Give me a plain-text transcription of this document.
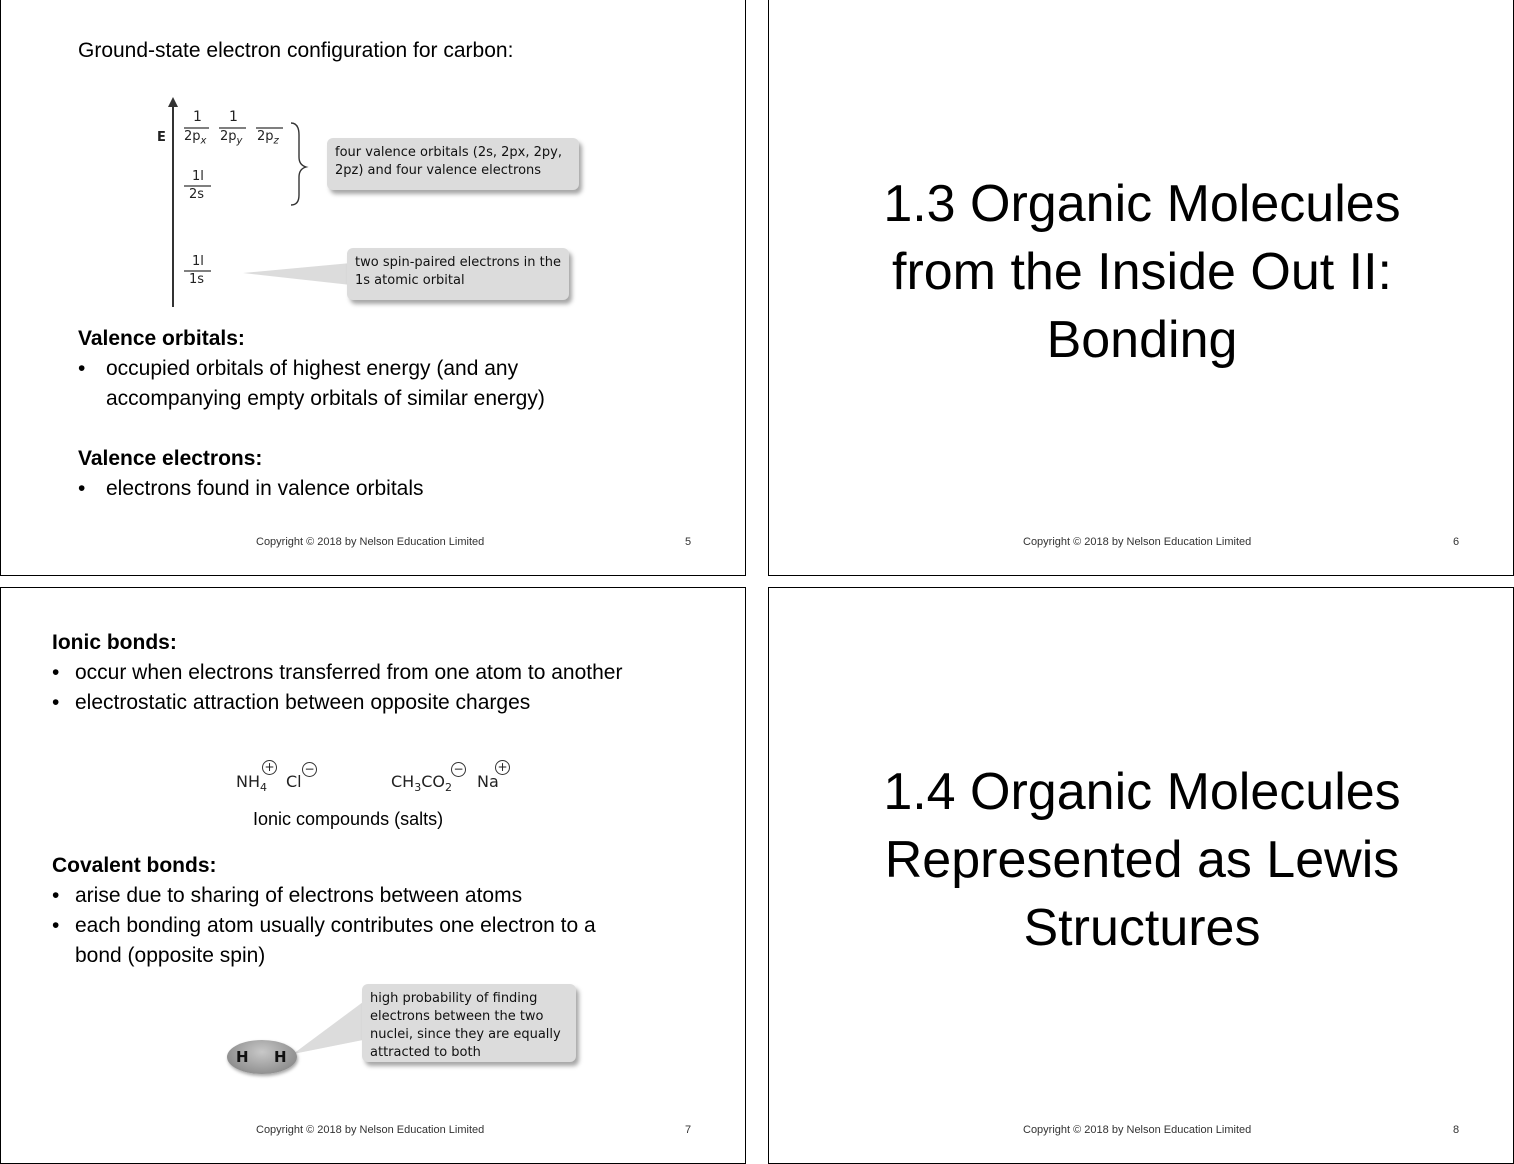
Ground-state electron configuration for carbon:
E
1 1
$2p_x$ $2p_y$ $2p_z$
1l
2s
1l
1s
four valence orbitals (2s, 2px, 2py,
2pz) and four valence electrons
two spin-paired electrons in the
1s atomic orbital
Valence orbitals:
• occupied orbitals of highest energy (and any
accompanying empty orbitals of similar energy)
Valence electrons:
• electrons found in valence orbitals
Copyright © 2018 by Nelson Education Limited	5
1.3 Organic Molecules
from the Inside Out II:
Bonding
Copyright © 2018 by Nelson Education Limited	6
Ionic bonds:
• occur when electrons transferred from one atom to another
• electrostatic attraction between opposite charges
$NH_4$
+
Cl
−
$CH_3CO_2$
−
Na
+
Ionic compounds (salts)
Covalent bonds:
• arise due to sharing of electrons between atoms
• each bonding atom usually contributes one electron to a
bond (opposite spin)
H H
high probability of finding
electrons between the two
nuclei, since they are equally
attracted to both
Copyright © 2018 by Nelson Education Limited	7
1.4 Organic Molecules
Represented as Lewis
Structures
Copyright © 2018 by Nelson Education Limited	8
